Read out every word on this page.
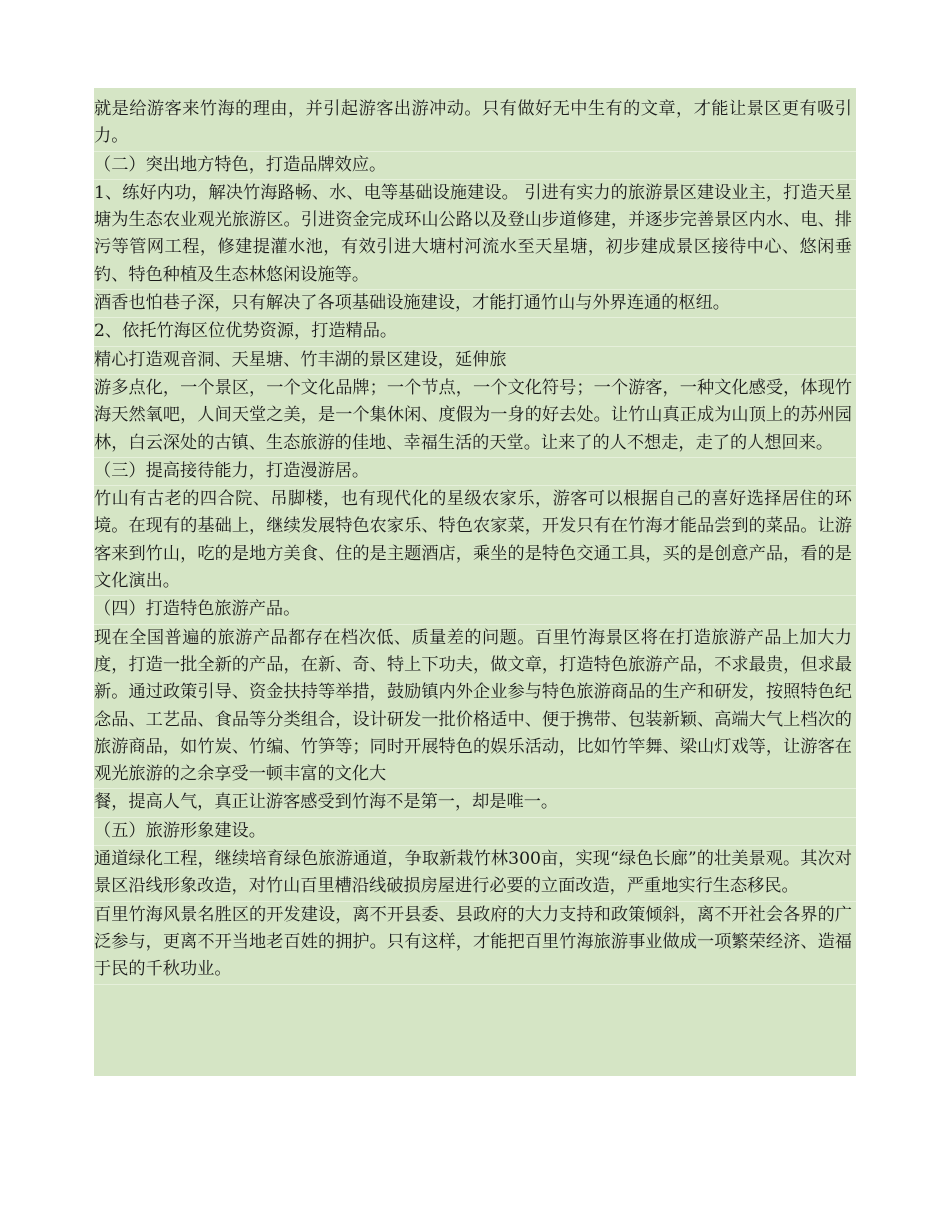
就是给游客来竹海的理由，并引起游客出游冲动。只有做好无中生有的文章，才能让景区更有吸引力。

（二）突出地方特色，打造品牌效应。

1、练好内功，解决竹海路畅、水、电等基础设施建设。 引进有实力的旅游景区建设业主，打造天星塘为生态农业观光旅游区。引进资金完成环山公路以及登山步道修建，并逐步完善景区内水、电、排污等管网工程，修建提灌水池，有效引进大塘村河流水至天星塘，初步建成景区接待中心、悠闲垂钓、特色种植及生态林悠闲设施等。

酒香也怕巷子深，只有解决了各项基础设施建设，才能打通竹山与外界连通的枢纽。

2、依托竹海区位优势资源，打造精品。

精心打造观音洞、天星塘、竹丰湖的景区建设，延伸旅

游多点化，一个景区，一个文化品牌；一个节点，一个文化符号；一个游客，一种文化感受，体现竹海天然氧吧，人间天堂之美，是一个集休闲、度假为一身的好去处。让竹山真正成为山顶上的苏州园林，白云深处的古镇、生态旅游的佳地、幸福生活的天堂。让来了的人不想走，走了的人想回来。

（三）提高接待能力，打造漫游居。

竹山有古老的四合院、吊脚楼，也有现代化的星级农家乐，游客可以根据自己的喜好选择居住的环境。在现有的基础上，继续发展特色农家乐、特色农家菜，开发只有在竹海才能品尝到的菜品。让游客来到竹山，吃的是地方美食、住的是主题酒店，乘坐的是特色交通工具，买的是创意产品，看的是文化演出。

（四）打造特色旅游产品。

现在全国普遍的旅游产品都存在档次低、质量差的问题。百里竹海景区将在打造旅游产品上加大力度，打造一批全新的产品，在新、奇、特上下功夫，做文章，打造特色旅游产品，不求最贵，但求最新。通过政策引导、资金扶持等举措，鼓励镇内外企业参与特色旅游商品的生产和研发，按照特色纪念品、工艺品、食品等分类组合，设计研发一批价格适中、便于携带、包装新颖、高端大气上档次的旅游商品，如竹炭、竹编、竹笋等；同时开展特色的娱乐活动，比如竹竿舞、梁山灯戏等，让游客在观光旅游的之余享受一顿丰富的文化大

餐，提高人气，真正让游客感受到竹海不是第一，却是唯一。

（五）旅游形象建设。

通道绿化工程，继续培育绿色旅游通道，争取新栽竹林300亩，实现“绿色长廊”的壮美景观。其次对景区沿线形象改造，对竹山百里槽沿线破损房屋进行必要的立面改造，严重地实行生态移民。

百里竹海风景名胜区的开发建设，离不开县委、县政府的大力支持和政策倾斜，离不开社会各界的广泛参与，更离不开当地老百姓的拥护。只有这样，才能把百里竹海旅游事业做成一项繁荣经济、造福于民的千秋功业。
